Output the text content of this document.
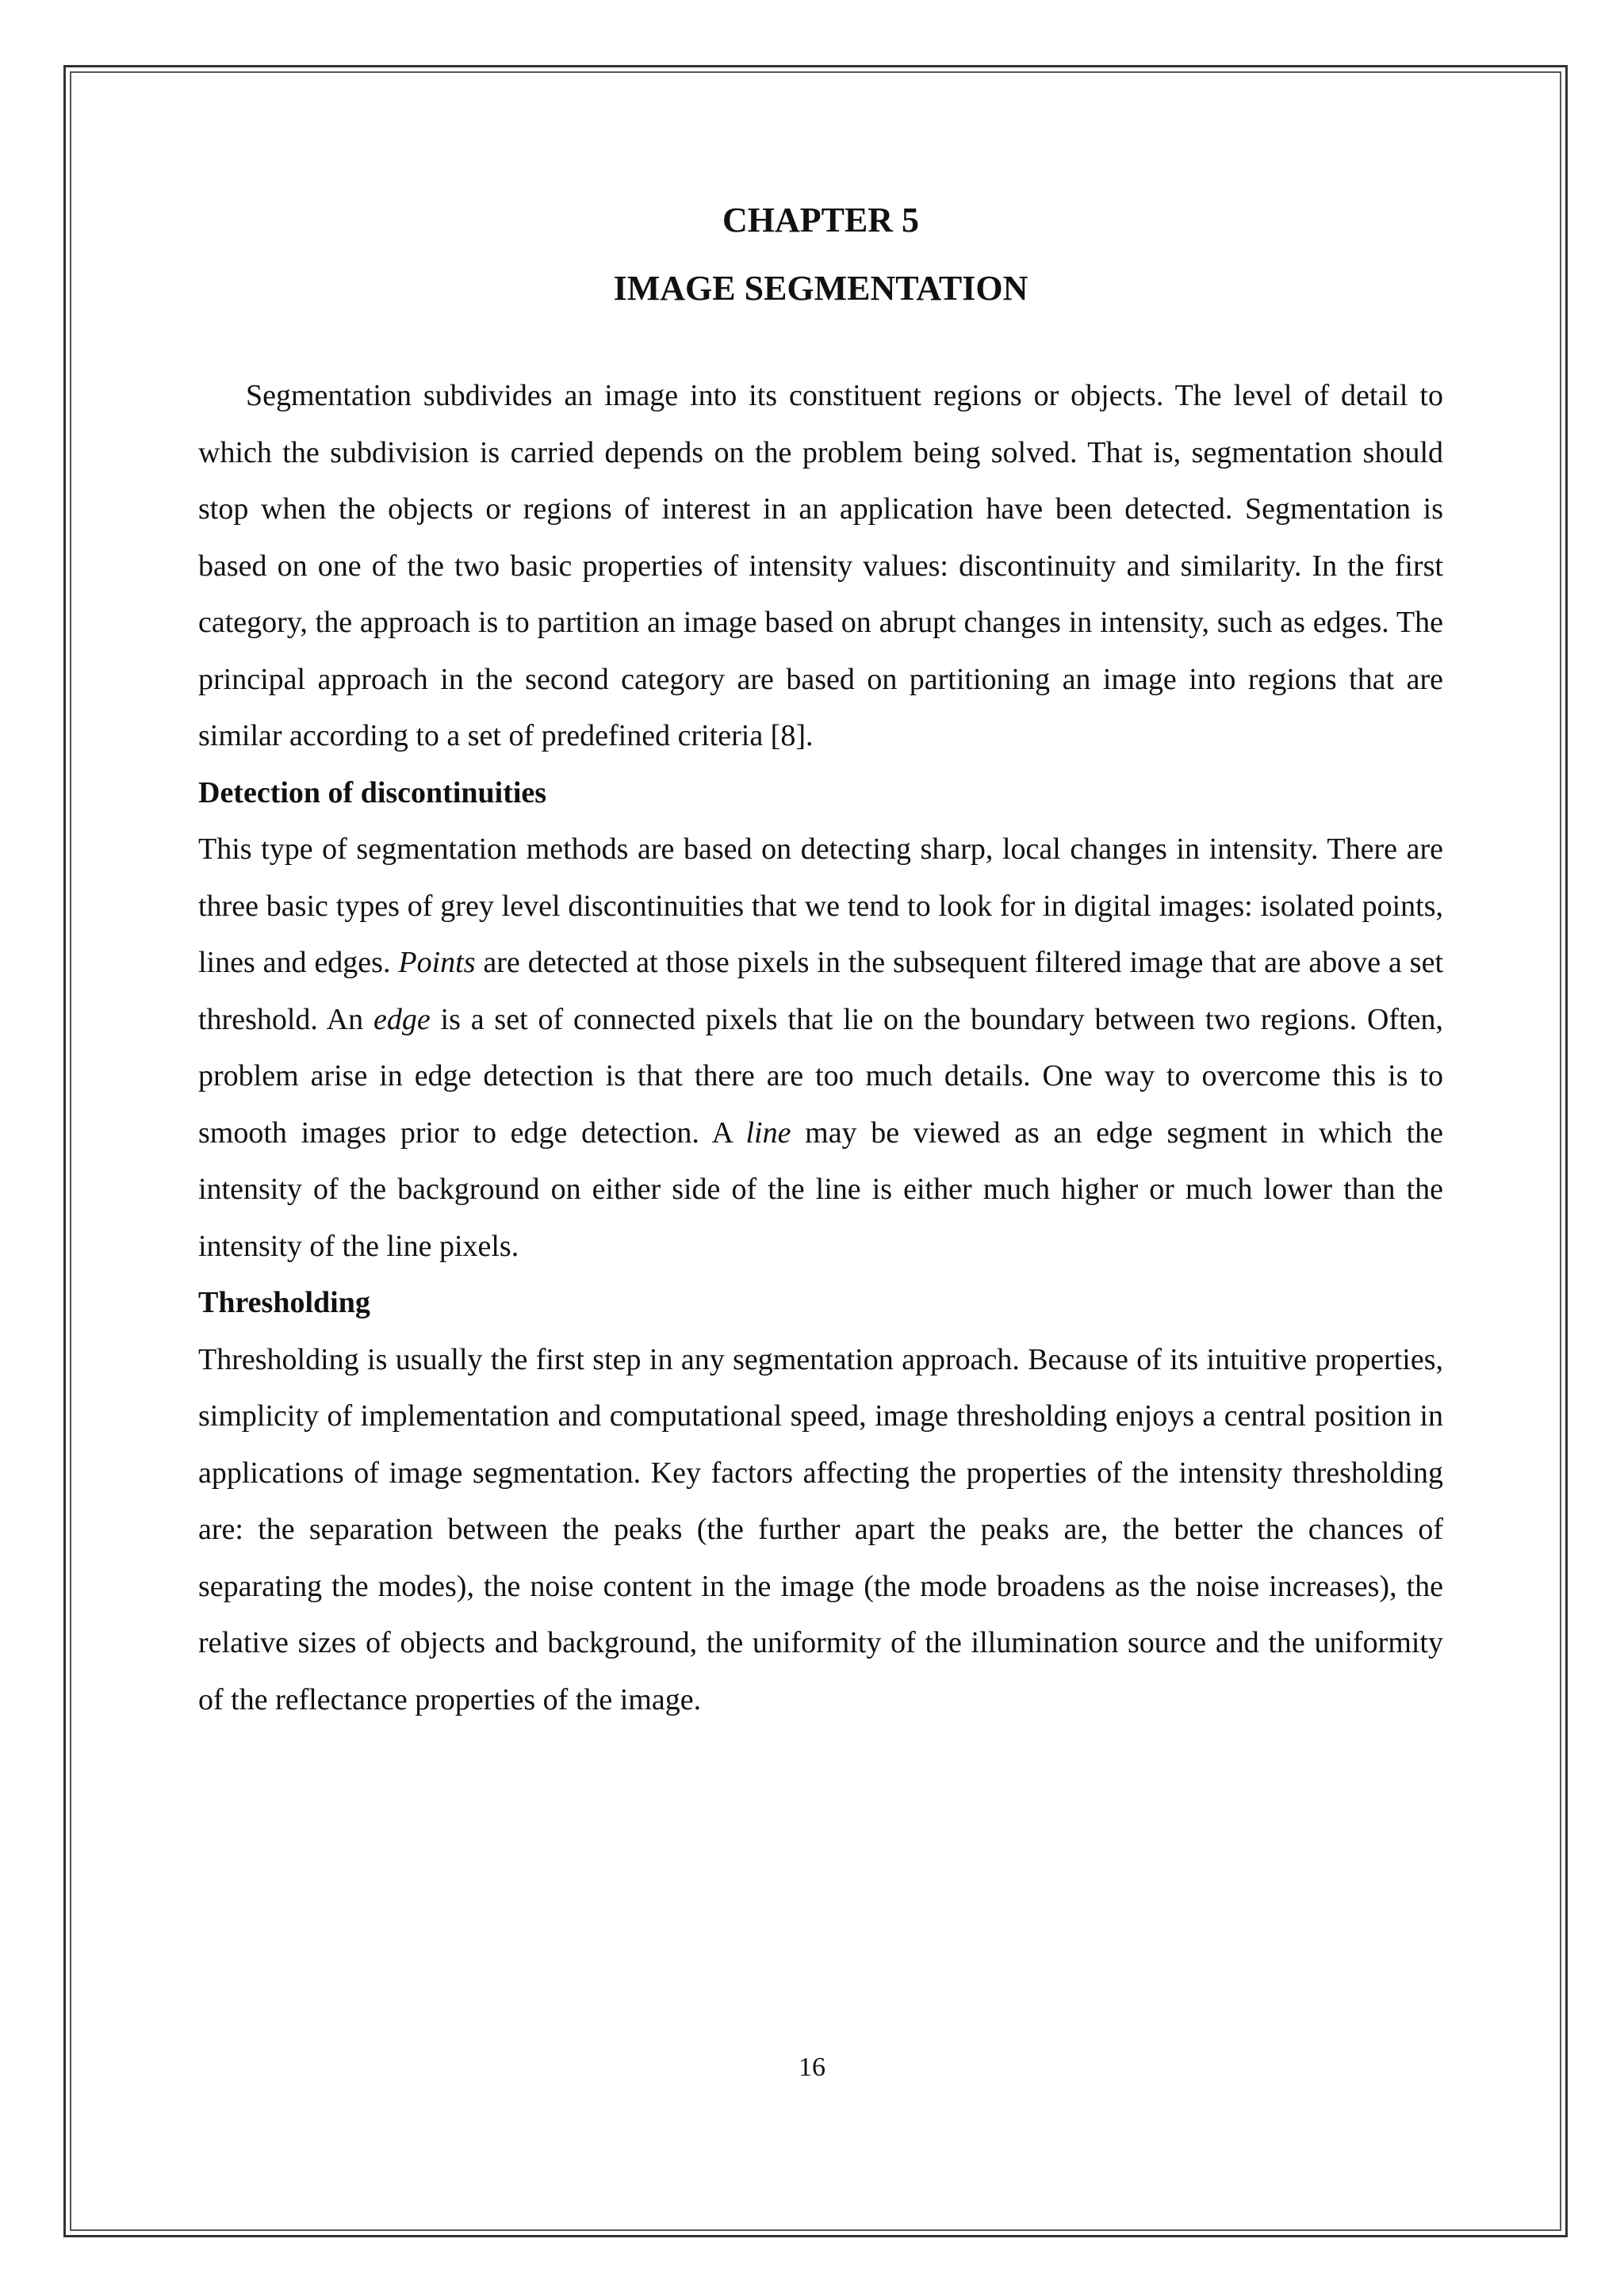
CHAPTER 5
IMAGE SEGMENTATION

Segmentation subdivides an image into its constituent regions or objects. The level of detail to which the subdivision is carried depends on the problem being solved. That is, segmentation should stop when the objects or regions of interest in an application have been detected. Segmentation is based on one of the two basic properties of intensity values: discontinuity and similarity. In the first category, the approach is to partition an image based on abrupt changes in intensity, such as edges. The principal approach in the second category are based on partitioning an image into regions that are similar according to a set of predefined criteria [8].

Detection of discontinuities

This type of segmentation methods are based on detecting sharp, local changes in intensity. There are three basic types of grey level discontinuities that we tend to look for in digital images: isolated points, lines and edges. Points are detected at those pixels in the subsequent filtered image that are above a set threshold. An edge is a set of connected pixels that lie on the boundary between two regions. Often, problem arise in edge detection is that there are too much details. One way to overcome this is to smooth images prior to edge detection. A line may be viewed as an edge segment in which the intensity of the background on either side of the line is either much higher or much lower than the intensity of the line pixels.

Thresholding

Thresholding is usually the first step in any segmentation approach. Because of its intuitive properties, simplicity of implementation and computational speed, image thresholding enjoys a central position in applications of image segmentation. Key factors affecting the properties of the intensity thresholding are: the separation between the peaks (the further apart the peaks are, the better the chances of separating the modes), the noise content in the image (the mode broadens as the noise increases), the relative sizes of objects and background, the uniformity of the illumination source and the uniformity of the reflectance properties of the image.

16
